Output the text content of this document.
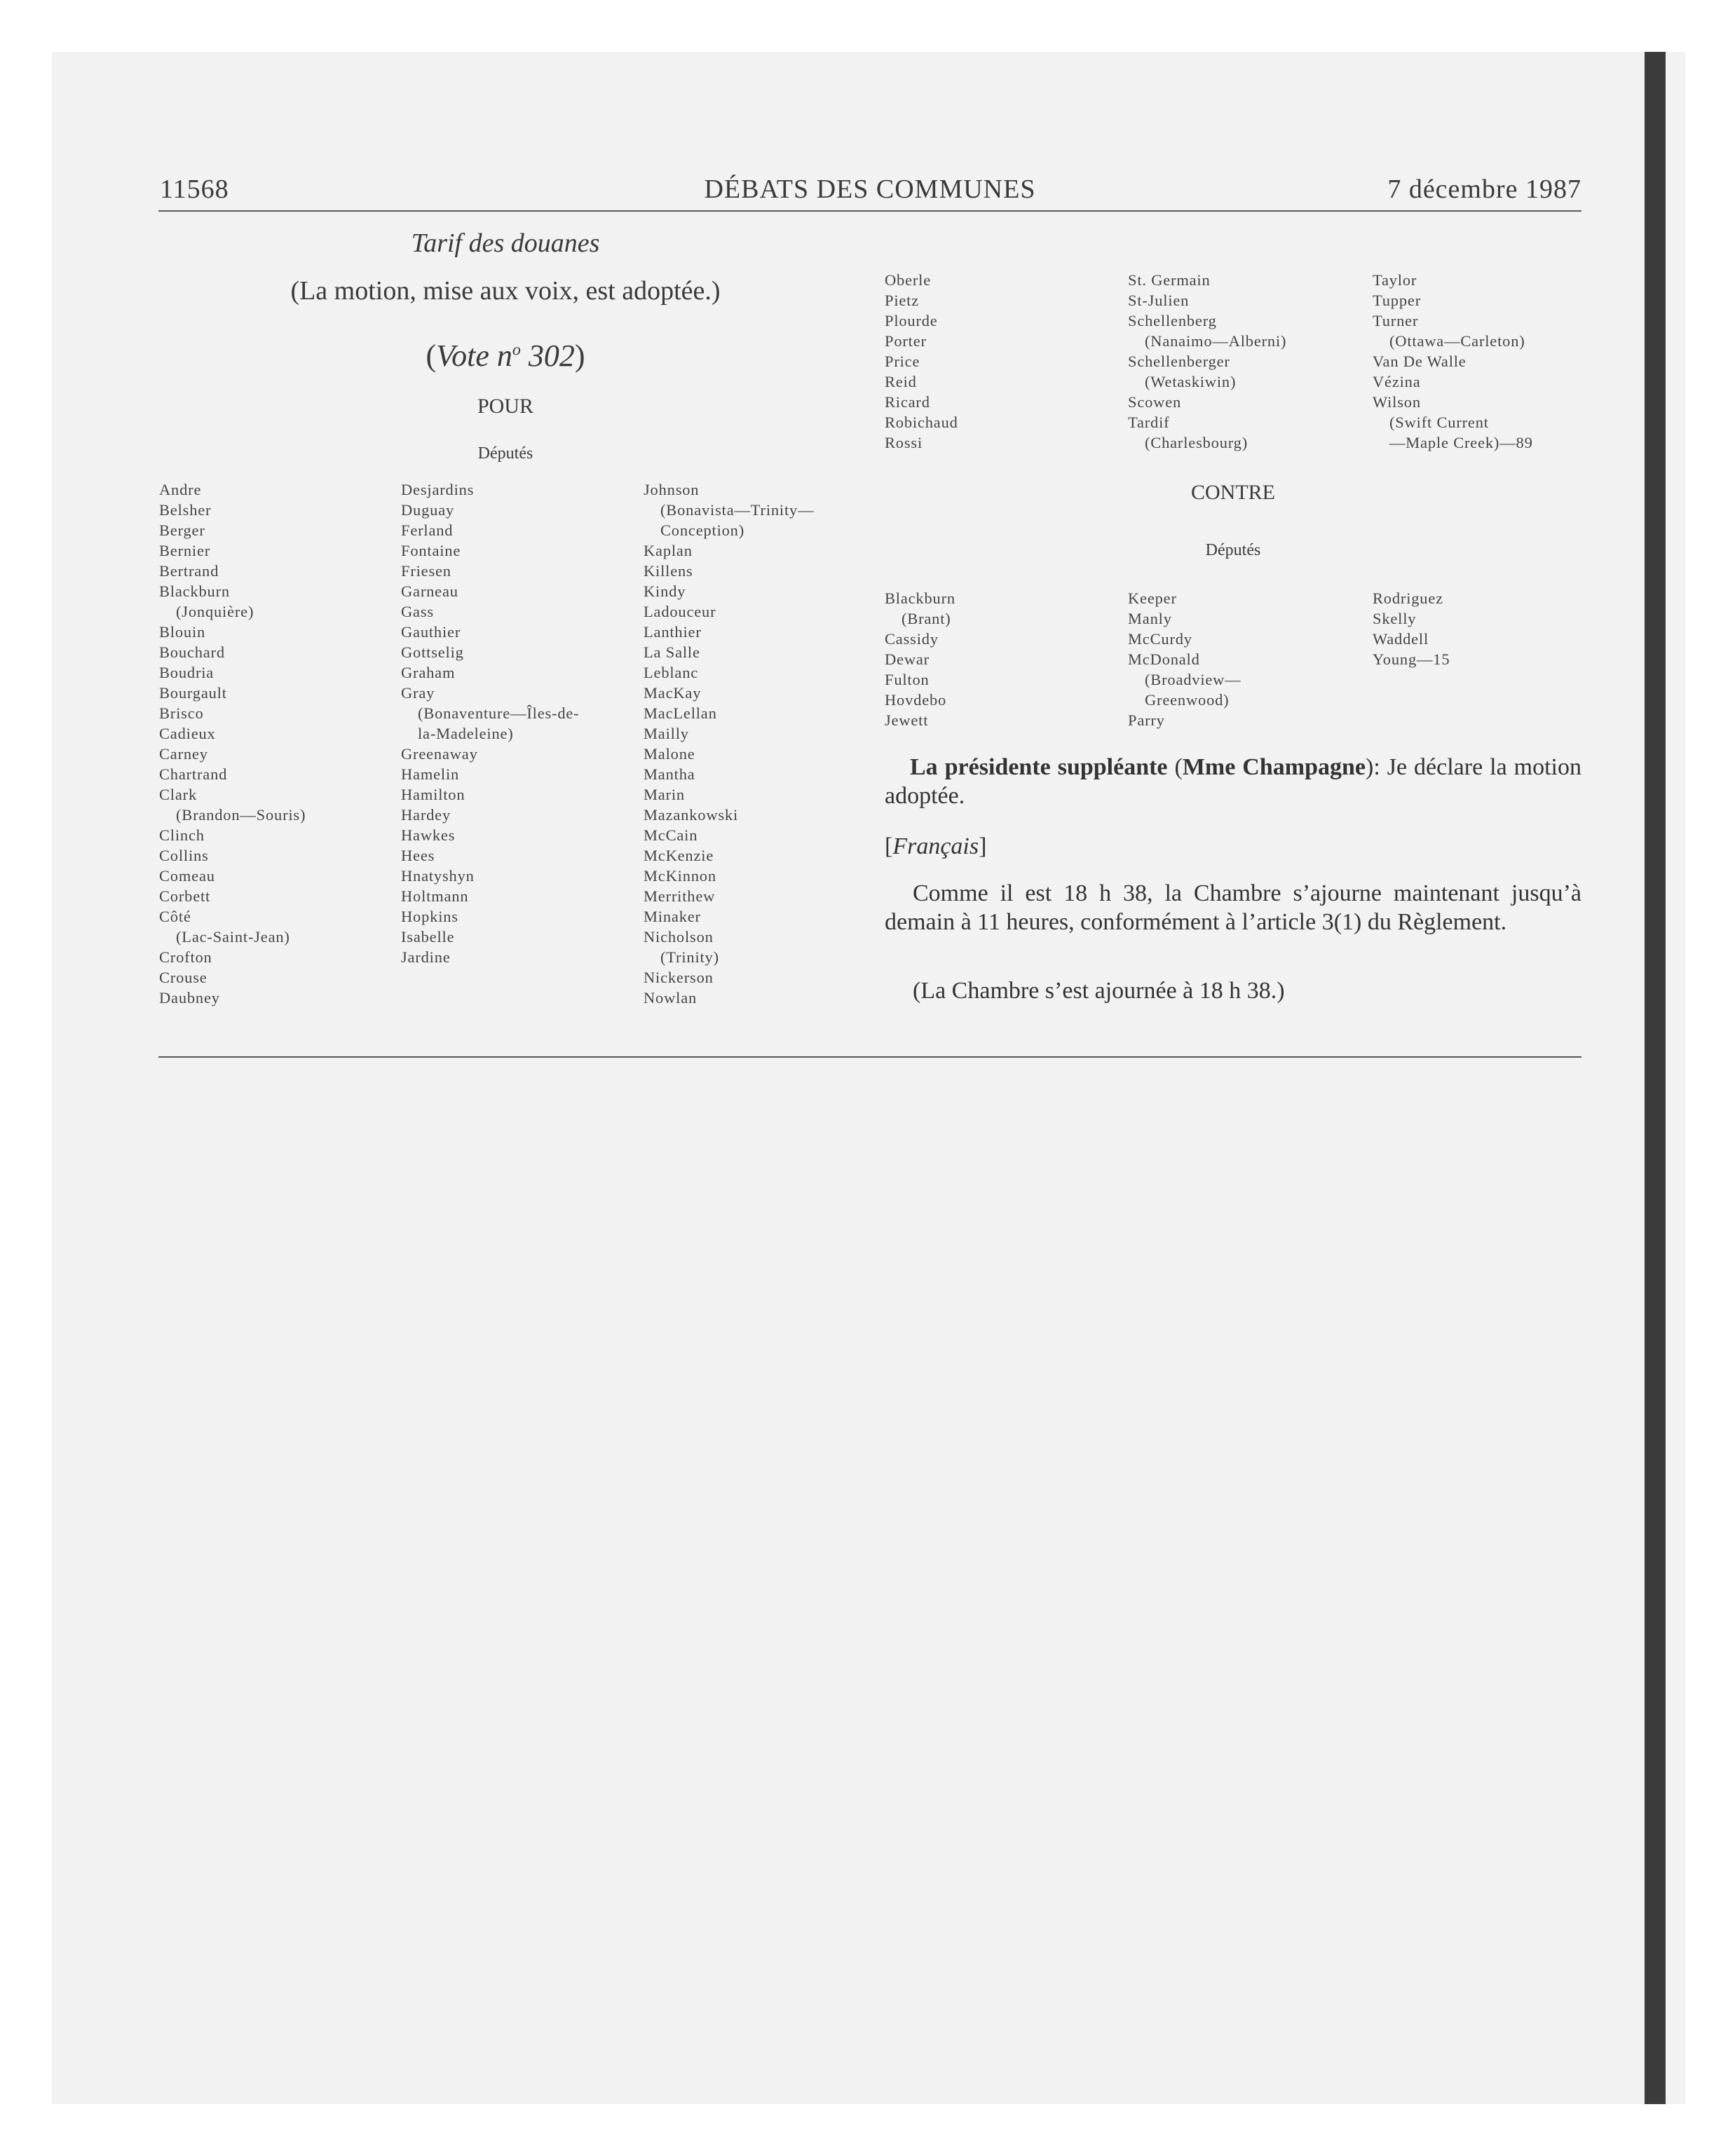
11568	DÉBATS DES COMMUNES	7 décembre 1987
Tarif des douanes
(La motion, mise aux voix, est adoptée.)
(Vote $n^o$ 302)
POUR
Députés
Andre
Belsher
Berger
Bernier
Bertrand
Blackburn
(Jonquière)
Blouin
Bouchard
Boudria
Bourgault
Brisco
Cadieux
Carney
Chartrand
Clark
(Brandon—Souris)
Clinch
Collins
Comeau
Corbett
Côté
(Lac-Saint-Jean)
Crofton
Crouse
Daubney
Desjardins
Duguay
Ferland
Fontaine
Friesen
Garneau
Gass
Gauthier
Gottselig
Graham
Gray
(Bonaventure—Îles-de-
la-Madeleine)
Greenaway
Hamelin
Hamilton
Hardey
Hawkes
Hees
Hnatyshyn
Holtmann
Hopkins
Isabelle
Jardine
Johnson
(Bonavista—Trinity—
Conception)
Kaplan
Killens
Kindy
Ladouceur
Lanthier
La Salle
Leblanc
MacKay
MacLellan
Mailly
Malone
Mantha
Marin
Mazankowski
McCain
McKenzie
McKinnon
Merrithew
Minaker
Nicholson
(Trinity)
Nickerson
Nowlan
Oberle
Pietz
Plourde
Porter
Price
Reid
Ricard
Robichaud
Rossi
St. Germain
St-Julien
Schellenberg
(Nanaimo—Alberni)
Schellenberger
(Wetaskiwin)
Scowen
Tardif
(Charlesbourg)
Taylor
Tupper
Turner
(Ottawa—Carleton)
Van De Walle
Vézina
Wilson
(Swift Current
—Maple Creek)—89
CONTRE
Députés
Blackburn
(Brant)
Cassidy
Dewar
Fulton
Hovdebo
Jewett
Keeper
Manly
McCurdy
McDonald
(Broadview—
Greenwood)
Parry
Rodriguez
Skelly
Waddell
Young—15
La présidente suppléante (Mme Champagne): Je déclare la motion adoptée.
[Français]
Comme il est 18 h 38, la Chambre s’ajourne maintenant jusqu’à demain à 11 heures, conformément à l’article 3(1) du Règlement.
(La Chambre s’est ajournée à 18 h 38.)
